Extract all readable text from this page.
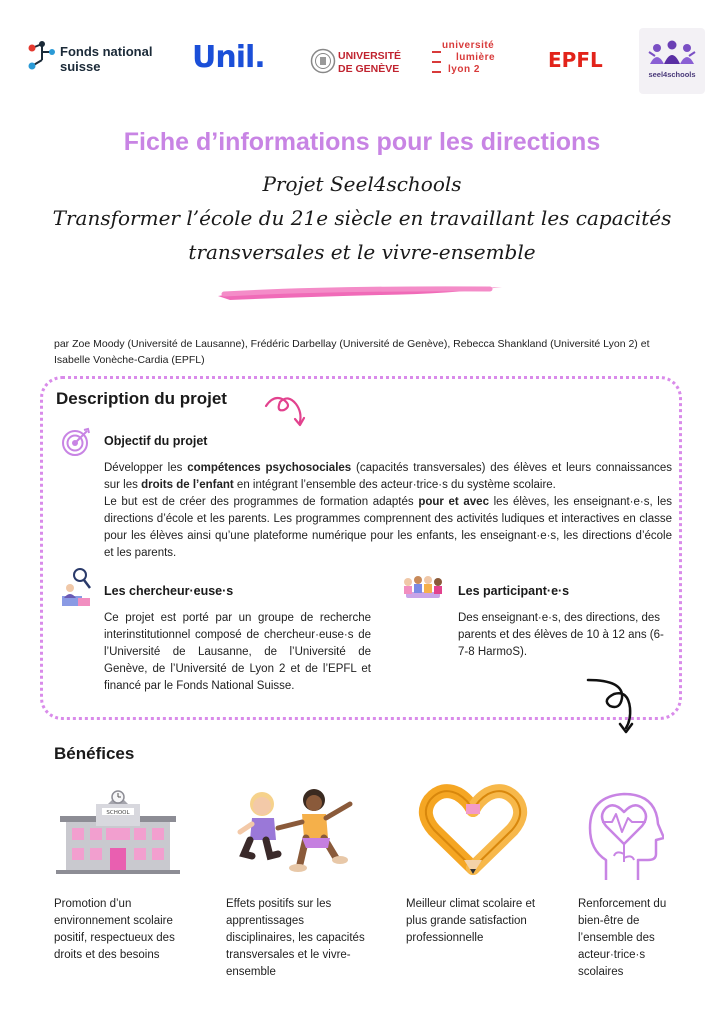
Fonds national
suisse	Unil.	UNIVERSITÉ
DE GENÈVE
université
lumière
lyon 2	EPFL
seel4schools
Fiche d’informations pour les directions
Projet Seel4schools
Transformer l’école du 21e siècle en travaillant les capacités
transversales et le vivre-ensemble
par Zoe Moody (Université de Lausanne), Frédéric Darbellay (Université de Genève), Rebecca Shankland (Université Lyon 2) et
Isabelle Vonèche-Cardia (EPFL)
Description du projet
Objectif du projet
Développer les compétences psychosociales (capacités transversales) des élèves et leurs connaissances sur les droits de l’enfant en intégrant l’ensemble des acteur·trice·s du système scolaire.
Le but est de créer des programmes de formation adaptés pour et avec les élèves, les enseignant·e·s, les directions d’école et les parents. Les programmes comprennent des activités ludiques et interactives en classe pour les élèves ainsi qu’une plateforme numérique pour les enfants, les enseignant·e·s, les directions d’école et les parents.
Les chercheur·euse·s
Ce projet est porté par un groupe de recherche interinstitutionnel composé de chercheur·euse·s de l’Université de Lausanne, de l’Université de Genève, de l’Université de Lyon 2 et de l’EPFL et financé par le Fonds National Suisse.
Les participant·e·s
Des enseignant·e·s, des directions, des parents et des élèves de 10 à 12 ans (6-7-8 HarmoS).
Bénéfices
SCHOOL
Promotion d’un environnement scolaire positif, respectueux des droits et des besoins
Effets positifs sur les apprentissages disciplinaires, les capacités transversales et le vivre-ensemble
Meilleur climat scolaire et plus grande satisfaction professionnelle
Renforcement du bien-être de l’ensemble des acteur·trice·s scolaires
